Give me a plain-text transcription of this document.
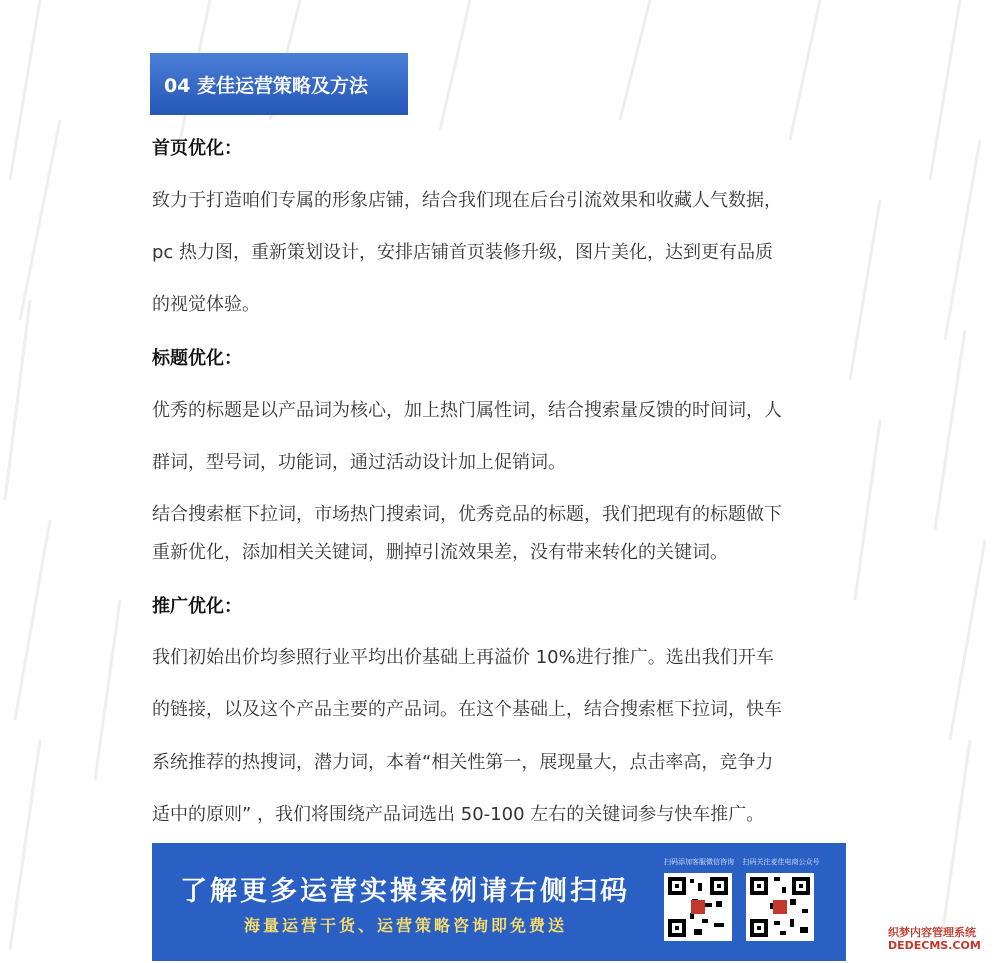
04 麦佳运营策略及方法
首页优化：
致力于打造咱们专属的形象店铺，结合我们现在后台引流效果和收藏人气数据，
pc 热力图，重新策划设计，安排店铺首页装修升级，图片美化，达到更有品质
的视觉体验。
标题优化：
优秀的标题是以产品词为核心，加上热门属性词，结合搜索量反馈的时间词，人
群词，型号词，功能词，通过活动设计加上促销词。
结合搜索框下拉词，市场热门搜索词，优秀竞品的标题，我们把现有的标题做下
重新优化，添加相关关键词，删掉引流效果差，没有带来转化的关键词。
推广优化：
我们初始出价均参照行业平均出价基础上再溢价 10%进行推广。选出我们开车
的链接，以及这个产品主要的产品词。在这个基础上，结合搜索框下拉词，快车
系统推荐的热搜词，潜力词，本着“相关性第一，展现量大，点击率高，竞争力
适中的原则” ，我们将围绕产品词选出 50-100 左右的关键词参与快车推广。
了解更多运营实操案例请右侧扫码
海量运营干货、运营策略咨询即免费送
扫码添加客服微信咨询	扫码关注麦佳电商公众号
织梦内容管理系统
DEDECMS.COM
